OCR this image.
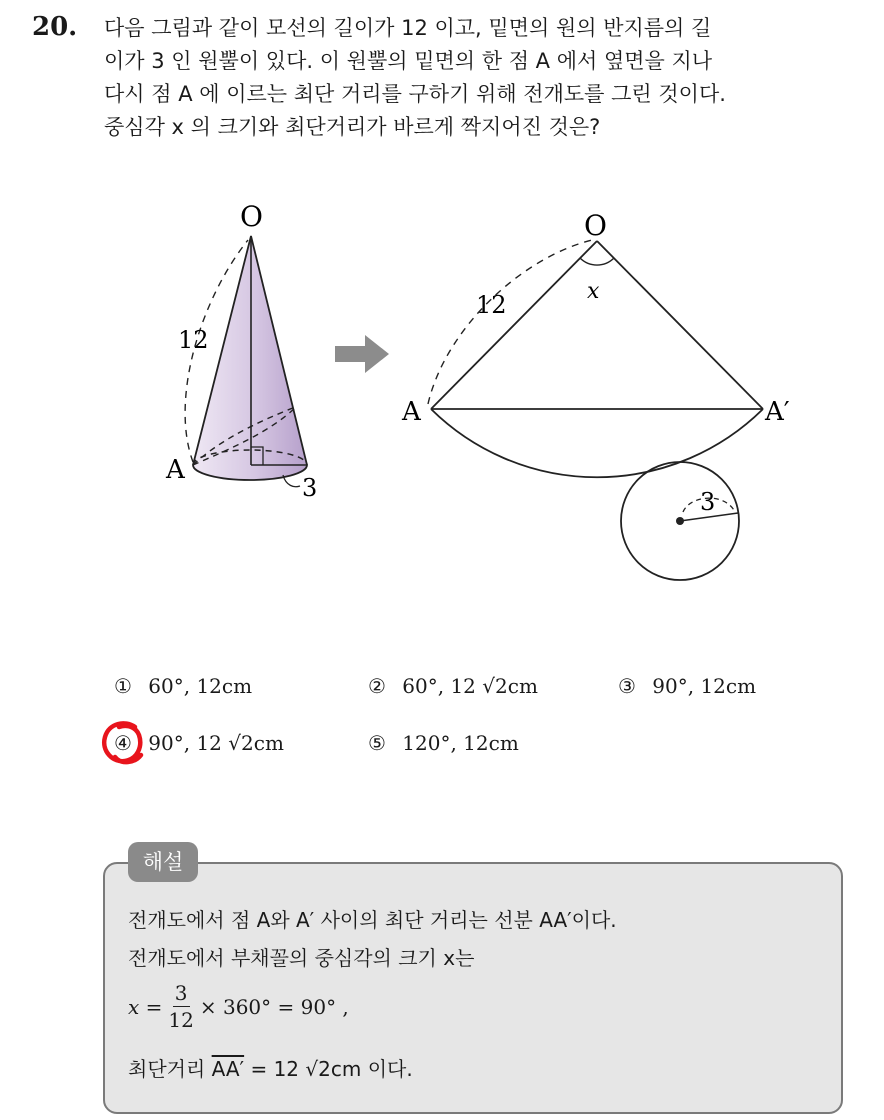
20. 다음 그림과 같이 모선의 길이가 12 이고, 밑면의 원의 반지름의 길
이가 3 인 원뿔이 있다. 이 원뿔의 밑면의 한 점 A 에서 옆면을 지나
다시 점 A 에 이르는 최단 거리를 구하기 위해 전개도를 그린 것이다.
중심각 x 의 크기와 최단거리가 바르게 짝지어진 것은?
O
A
12
3
O
x
12
A	A′
3
① 60°, 12cm	② 60°, 12 √2cm	③ 90°, 12cm
④ 90°, 12 √2cm	⑤ 120°, 12cm
해설
전개도에서 점 A와 A′ 사이의 최단 거리는 선분 AA′이다.
전개도에서 부채꼴의 중심각의 크기 x는
$x = \frac{3}{12} \times 360^\circ = 90^\circ$ ,
최단거리 AA′ = 12 √2cm 이다.
